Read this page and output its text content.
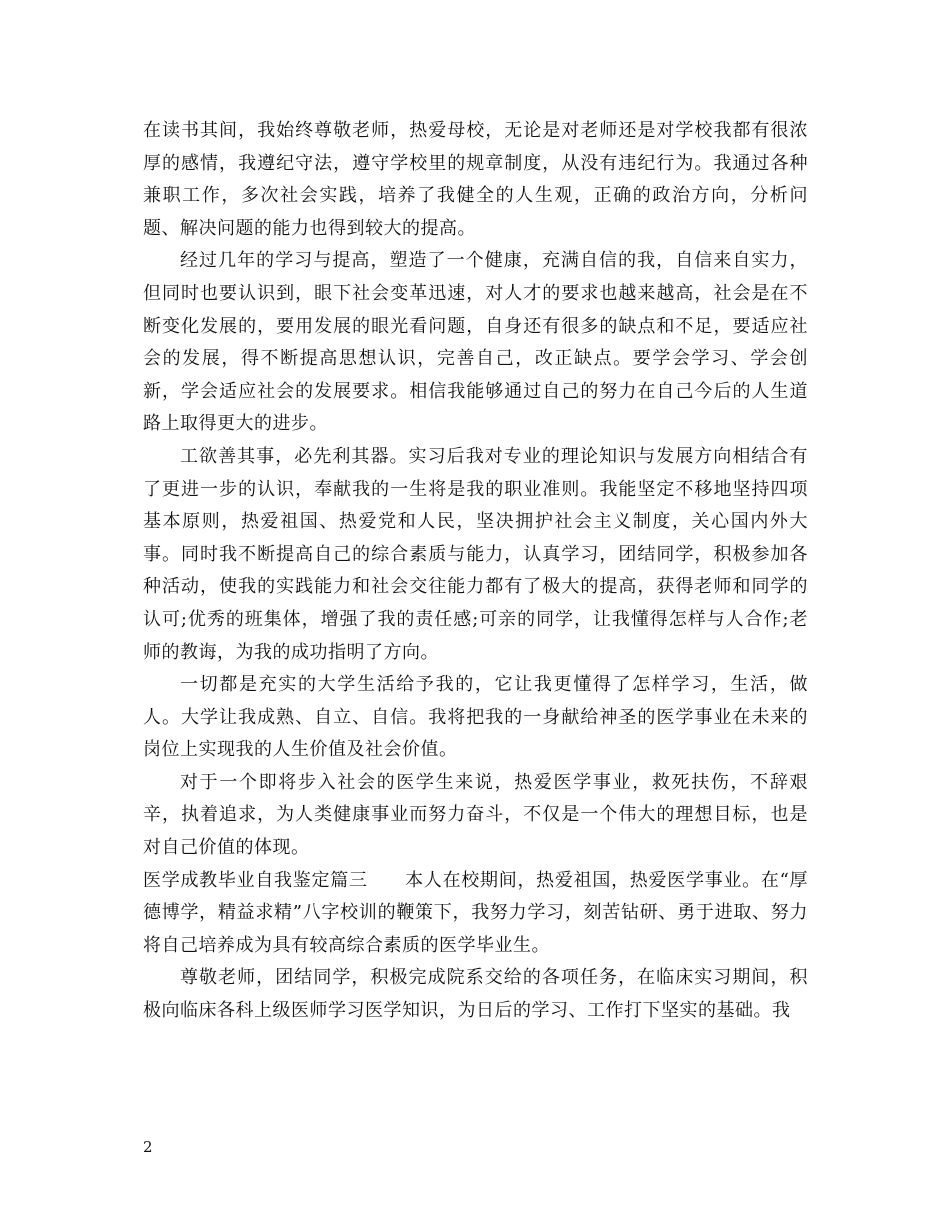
在读书其间，我始终尊敬老师，热爱母校，无论是对老师还是对学校我都有很浓厚的感情，我遵纪守法，遵守学校里的规章制度，从没有违纪行为。我通过各种兼职工作，多次社会实践，培养了我健全的人生观，正确的政治方向，分析问题、解决问题的能力也得到较大的提高。

经过几年的学习与提高，塑造了一个健康，充满自信的我，自信来自实力，但同时也要认识到，眼下社会变革迅速，对人才的要求也越来越高，社会是在不断变化发展的，要用发展的眼光看问题，自身还有很多的缺点和不足，要适应社会的发展，得不断提高思想认识，完善自己，改正缺点。要学会学习、学会创新，学会适应社会的发展要求。相信我能够通过自己的努力在自己今后的人生道路上取得更大的进步。

工欲善其事，必先利其器。实习后我对专业的理论知识与发展方向相结合有了更进一步的认识，奉献我的一生将是我的职业准则。我能坚定不移地坚持四项基本原则，热爱祖国、热爱党和人民，坚决拥护社会主义制度，关心国内外大事。同时我不断提高自己的综合素质与能力，认真学习，团结同学，积极参加各种活动，使我的实践能力和社会交往能力都有了极大的提高，获得老师和同学的认可;优秀的班集体，增强了我的责任感;可亲的同学，让我懂得怎样与人合作;老师的教诲，为我的成功指明了方向。

一切都是充实的大学生活给予我的，它让我更懂得了怎样学习，生活，做人。大学让我成熟、自立、自信。我将把我的一身献给神圣的医学事业在未来的岗位上实现我的人生价值及社会价值。

对于一个即将步入社会的医学生来说，热爱医学事业，救死扶伤，不辞艰辛，执着追求，为人类健康事业而努力奋斗，不仅是一个伟大的理想目标，也是对自己价值的体现。

医学成教毕业自我鉴定篇三　　本人在校期间，热爱祖国，热爱医学事业。在“厚德博学，精益求精”八字校训的鞭策下，我努力学习，刻苦钻研、勇于进取、努力将自己培养成为具有较高综合素质的医学毕业生。

尊敬老师，团结同学，积极完成院系交给的各项任务，在临床实习期间，积极向临床各科上级医师学习医学知识，为日后的学习、工作打下坚实的基础。我

2
